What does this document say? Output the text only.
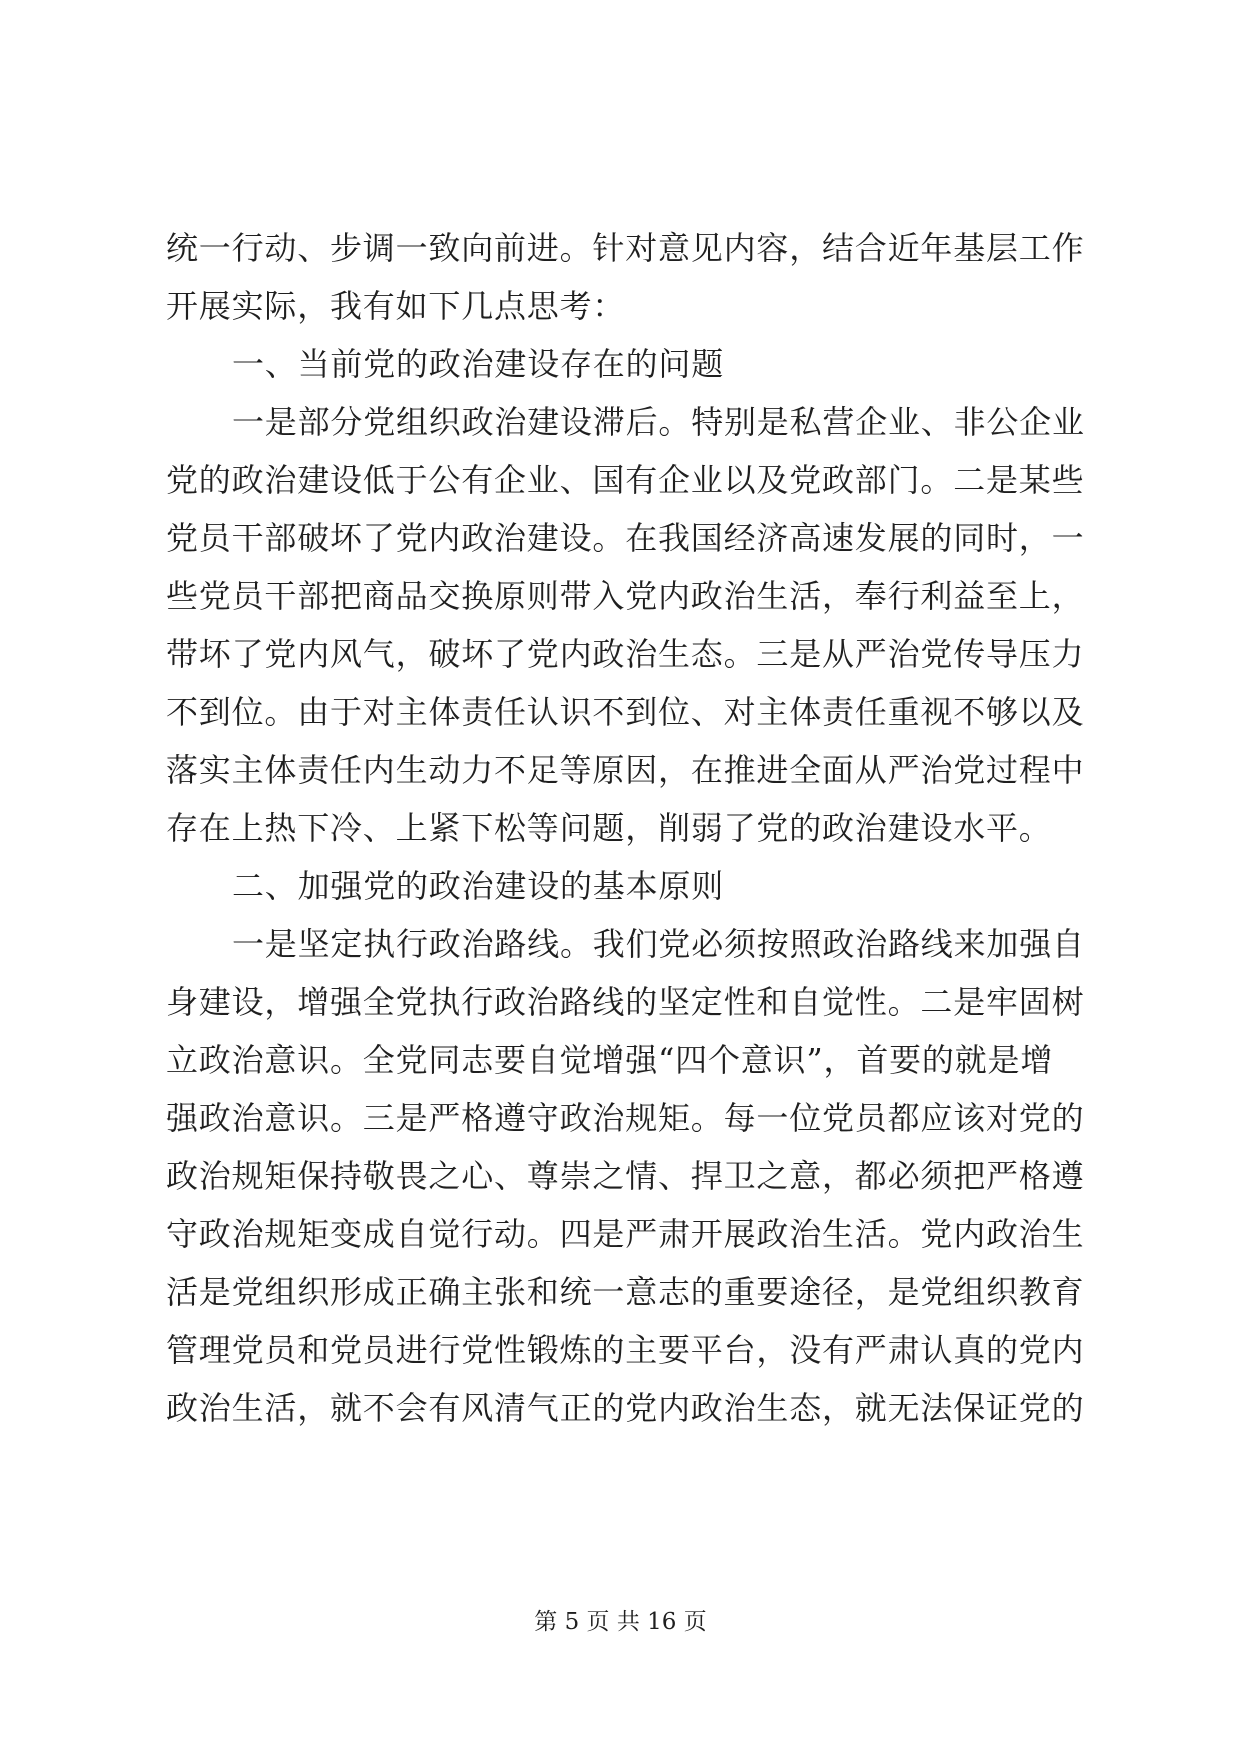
统一行动、步调一致向前进。针对意见内容，结合近年基层工作
开展实际，我有如下几点思考：
一、当前党的政治建设存在的问题
一是部分党组织政治建设滞后。特别是私营企业、非公企业
党的政治建设低于公有企业、国有企业以及党政部门。二是某些
党员干部破坏了党内政治建设。在我国经济高速发展的同时，一
些党员干部把商品交换原则带入党内政治生活，奉行利益至上，
带坏了党内风气，破坏了党内政治生态。三是从严治党传导压力
不到位。由于对主体责任认识不到位、对主体责任重视不够以及
落实主体责任内生动力不足等原因，在推进全面从严治党过程中
存在上热下冷、上紧下松等问题，削弱了党的政治建设水平。
二、加强党的政治建设的基本原则
一是坚定执行政治路线。我们党必须按照政治路线来加强自
身建设，增强全党执行政治路线的坚定性和自觉性。二是牢固树
立政治意识。全党同志要自觉增强“四个意识”，首要的就是增
强政治意识。三是严格遵守政治规矩。每一位党员都应该对党的
政治规矩保持敬畏之心、尊崇之情、捍卫之意，都必须把严格遵
守政治规矩变成自觉行动。四是严肃开展政治生活。党内政治生
活是党组织形成正确主张和统一意志的重要途径，是党组织教育
管理党员和党员进行党性锻炼的主要平台，没有严肃认真的党内
政治生活，就不会有风清气正的党内政治生态，就无法保证党的
第 5 页 共 16 页
